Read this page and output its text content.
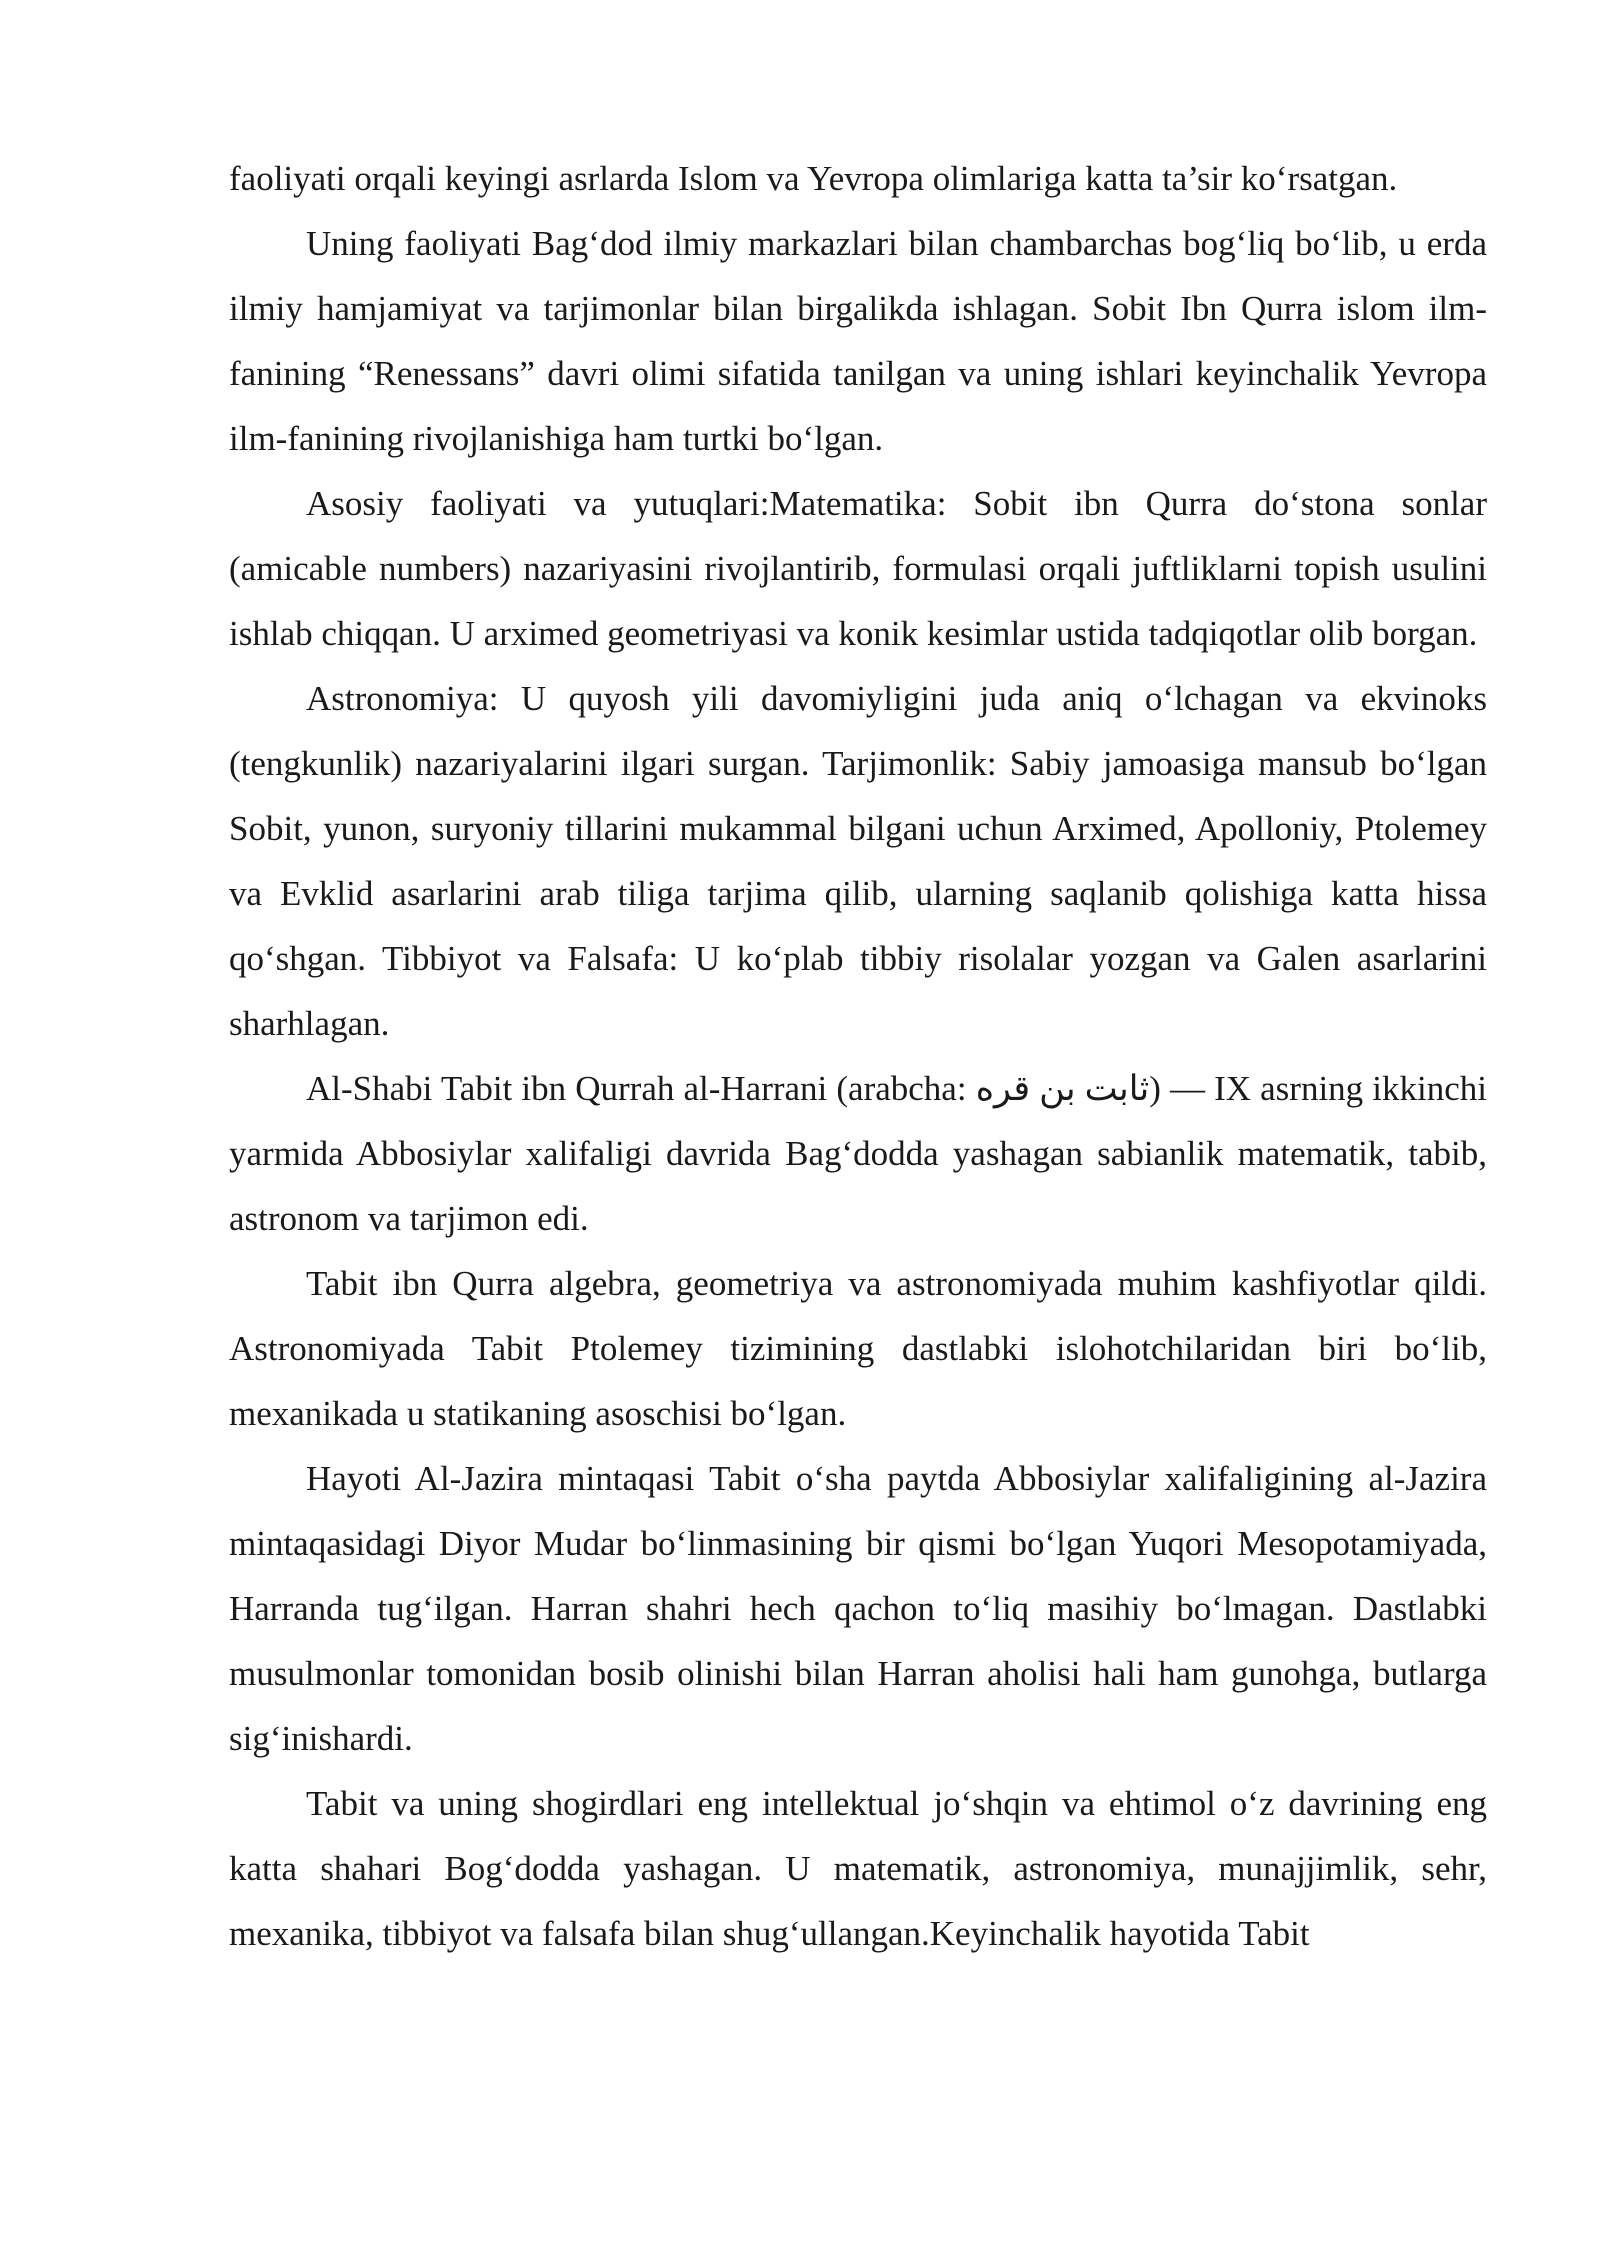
faoliyati orqali keyingi asrlarda Islom va Yevropa olimlariga katta ta’sir ko‘rsatgan.

Uning faoliyati Bag‘dod ilmiy markazlari bilan chambarchas bog‘liq bo‘lib, u erda ilmiy hamjamiyat va tarjimonlar bilan birgalikda ishlagan. Sobit Ibn Qurra islom ilm-fanining “Renessans” davri olimi sifatida tanilgan va uning ishlari keyinchalik Yevropa ilm-fanining rivojlanishiga ham turtki bo‘lgan.

Asosiy faoliyati va yutuqlari:Matematika: Sobit ibn Qurra do‘stona sonlar (amicable numbers) nazariyasini rivojlantirib, formulasi orqali juftliklarni topish usulini ishlab chiqqan. U arximed geometriyasi va konik kesimlar ustida tadqiqotlar olib borgan.

Astronomiya: U quyosh yili davomiyligini juda aniq o‘lchagan va ekvinoks (tengkunlik) nazariyalarini ilgari surgan. Tarjimonlik: Sabiy jamoasiga mansub bo‘lgan Sobit, yunon, suryoniy tillarini mukammal bilgani uchun Arximed, Apolloniy, Ptolemey va Evklid asarlarini arab tiliga tarjima qilib, ularning saqlanib qolishiga katta hissa qo‘shgan. Tibbiyot va Falsafa: U ko‘plab tibbiy risolalar yozgan va Galen asarlarini sharhlagan.

Al-Shabi Tabit ibn Qurrah al-Harrani (arabcha: ثابت بن قره) — IX asrning ikkinchi yarmida Abbosiylar xalifaligi davrida Bag‘dodda yashagan sabianlik matematik, tabib, astronom va tarjimon edi.

Tabit ibn Qurra algebra, geometriya va astronomiyada muhim kashfiyotlar qildi. Astronomiyada Tabit Ptolemey tizimining dastlabki islohotchilaridan biri bo‘lib, mexanikada u statikaning asoschisi bo‘lgan.

Hayoti Al-Jazira mintaqasi Tabit o‘sha paytda Abbosiylar xalifaligining al-Jazira mintaqasidagi Diyor Mudar bo‘linmasining bir qismi bo‘lgan Yuqori Mesopotamiyada, Harranda tug‘ilgan. Harran shahri hech qachon to‘liq masihiy bo‘lmagan. Dastlabki musulmonlar tomonidan bosib olinishi bilan Harran aholisi hali ham gunohga, butlarga sig‘inishardi.

Tabit va uning shogirdlari eng intellektual jo‘shqin va ehtimol o‘z davrining eng katta shahari Bog‘dodda yashagan. U matematik, astronomiya, munajjimlik, sehr, mexanika, tibbiyot va falsafa bilan shug‘ullangan.Keyinchalik hayotida Tabit
